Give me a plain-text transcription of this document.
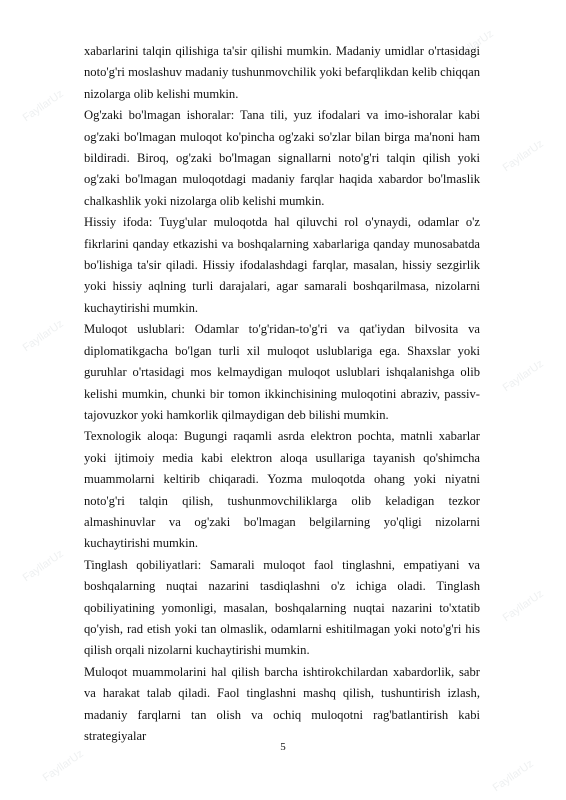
FayllarUz
FayllarUz
FayllarUz
FayllarUz
FayllarUz
FayllarUz
FayllarUz
FayllarUz	FayllarUz

xabarlarini talqin qilishiga ta'sir qilishi mumkin. Madaniy umidlar o'rtasidagi noto'g'ri moslashuv madaniy tushunmovchilik yoki befarqlikdan kelib chiqqan nizolarga olib kelishi mumkin.

Og'zaki bo'lmagan ishoralar: Tana tili, yuz ifodalari va imo-ishoralar kabi og'zaki bo'lmagan muloqot ko'pincha og'zaki so'zlar bilan birga ma'noni ham bildiradi. Biroq, og'zaki bo'lmagan signallarni noto'g'ri talqin qilish yoki og'zaki bo'lmagan muloqotdagi madaniy farqlar haqida xabardor bo'lmaslik chalkashlik yoki nizolarga olib kelishi mumkin.

Hissiy ifoda: Tuyg'ular muloqotda hal qiluvchi rol o'ynaydi, odamlar o'z fikrlarini qanday etkazishi va boshqalarning xabarlariga qanday munosabatda bo'lishiga ta'sir qiladi. Hissiy ifodalashdagi farqlar, masalan, hissiy sezgirlik yoki hissiy aqlning turli darajalari, agar samarali boshqarilmasa, nizolarni kuchaytirishi mumkin.

Muloqot uslublari: Odamlar to'g'ridan-to'g'ri va qat'iydan bilvosita va diplomatikgacha bo'lgan turli xil muloqot uslublariga ega. Shaxslar yoki guruhlar o'rtasidagi mos kelmaydigan muloqot uslublari ishqalanishga olib kelishi mumkin, chunki bir tomon ikkinchisining muloqotini abraziv, passiv-tajovuzkor yoki hamkorlik qilmaydigan deb bilishi mumkin.

Texnologik aloqa: Bugungi raqamli asrda elektron pochta, matnli xabarlar yoki ijtimoiy media kabi elektron aloqa usullariga tayanish qo'shimcha muammolarni keltirib chiqaradi. Yozma muloqotda ohang yoki niyatni noto'g'ri talqin qilish, tushunmovchiliklarga olib keladigan tezkor almashinuvlar va og'zaki bo'lmagan belgilarning yo'qligi nizolarni kuchaytirishi mumkin.

Tinglash qobiliyatlari: Samarali muloqot faol tinglashni, empatiyani va boshqalarning nuqtai nazarini tasdiqlashni o'z ichiga oladi. Tinglash qobiliyatining yomonligi, masalan, boshqalarning nuqtai nazarini to'xtatib qo'yish, rad etish yoki tan olmaslik, odamlarni eshitilmagan yoki noto'g'ri his qilish orqali nizolarni kuchaytirishi mumkin.

Muloqot muammolarini hal qilish barcha ishtirokchilardan xabardorlik, sabr va harakat talab qiladi. Faol tinglashni mashq qilish, tushuntirish izlash, madaniy farqlarni tan olish va ochiq muloqotni rag'batlantirish kabi strategiyalar

5
